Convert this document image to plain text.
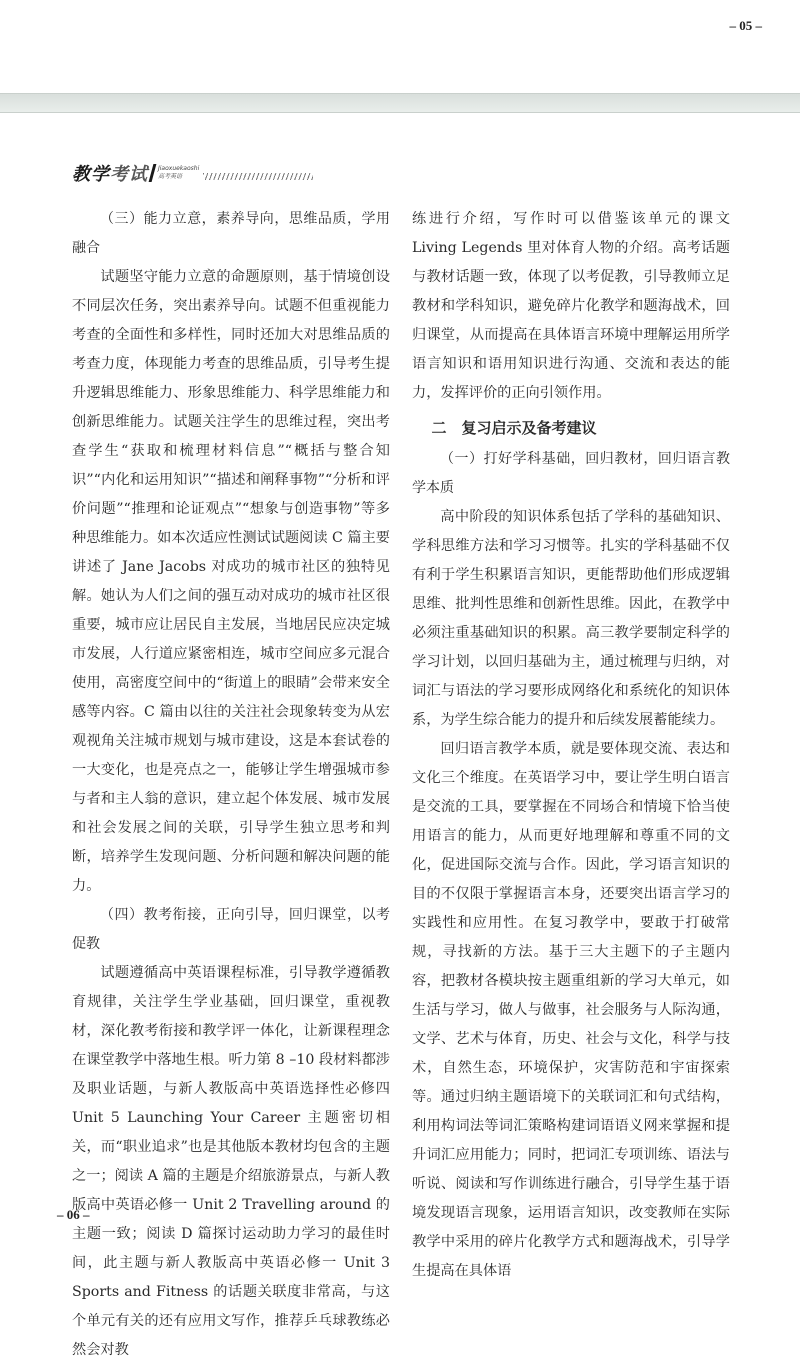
– 05 –
教学考试 Jiaoxuekaoshi
高考英语

（三）能力立意，素养导向，思维品质，学用融合

试题坚守能力立意的命题原则，基于情境创设不同层次任务，突出素养导向。试题不但重视能力考查的全面性和多样性，同时还加大对思维品质的考查力度，体现能力考查的思维品质，引导考生提升逻辑思维能力、形象思维能力、科学思维能力和创新思维能力。试题关注学生的思维过程，突出考查学生“获取和梳理材料信息”“概括与整合知识”“内化和运用知识”“描述和阐释事物”“分析和评价问题”“推理和论证观点”“想象与创造事物”等多种思维能力。如本次适应性测试试题阅读 C 篇主要讲述了 Jane Jacobs 对成功的城市社区的独特见解。她认为人们之间的强互动对成功的城市社区很重要，城市应让居民自主发展，当地居民应决定城市发展，人行道应紧密相连，城市空间应多元混合使用，高密度空间中的“街道上的眼睛”会带来安全感等内容。C 篇由以往的关注社会现象转变为从宏观视角关注城市规划与城市建设，这是本套试卷的一大变化，也是亮点之一，能够让学生增强城市参与者和主人翁的意识，建立起个体发展、城市发展和社会发展之间的关联，引导学生独立思考和判断，培养学生发现问题、分析问题和解决问题的能力。

（四）教考衔接，正向引导，回归课堂，以考促教

试题遵循高中英语课程标准，引导教学遵循教育规律，关注学生学业基础，回归课堂，重视教材，深化教考衔接和教学评一体化，让新课程理念在课堂教学中落地生根。听力第 8 –10 段材料都涉及职业话题，与新人教版高中英语选择性必修四 Unit 5 Launching Your Career 主题密切相关，而“职业追求”也是其他版本教材均包含的主题之一；阅读 A 篇的主题是介绍旅游景点，与新人教版高中英语必修一 Unit 2 Travelling around 的主题一致；阅读 D 篇探讨运动助力学习的最佳时间，此主题与新人教版高中英语必修一 Unit 3 Sports and Fitness 的话题关联度非常高，与这个单元有关的还有应用文写作，推荐乒乓球教练必然会对教

练进行介绍，写作时可以借鉴该单元的课文 Living Legends 里对体育人物的介绍。高考话题与教材话题一致，体现了以考促教，引导教师立足教材和学科知识，避免碎片化教学和题海战术，回归课堂，从而提高在具体语言环境中理解运用所学语言知识和语用知识进行沟通、交流和表达的能力，发挥评价的正向引领作用。

二　复习启示及备考建议

（一）打好学科基础，回归教材，回归语言教学本质

高中阶段的知识体系包括了学科的基础知识、学科思维方法和学习习惯等。扎实的学科基础不仅有利于学生积累语言知识，更能帮助他们形成逻辑思维、批判性思维和创新性思维。因此，在教学中必须注重基础知识的积累。高三教学要制定科学的学习计划，以回归基础为主，通过梳理与归纳，对词汇与语法的学习要形成网络化和系统化的知识体系，为学生综合能力的提升和后续发展蓄能续力。

回归语言教学本质，就是要体现交流、表达和文化三个维度。在英语学习中，要让学生明白语言是交流的工具，要掌握在不同场合和情境下恰当使用语言的能力，从而更好地理解和尊重不同的文化，促进国际交流与合作。因此，学习语言知识的目的不仅限于掌握语言本身，还要突出语言学习的实践性和应用性。在复习教学中，要敢于打破常规，寻找新的方法。基于三大主题下的子主题内容，把教材各模块按主题重组新的学习大单元，如生活与学习，做人与做事，社会服务与人际沟通，文学、艺术与体育，历史、社会与文化，科学与技术，自然生态，环境保护，灾害防范和宇宙探索等。通过归纳主题语境下的关联词汇和句式结构，利用构词法等词汇策略构建词语语义网来掌握和提升词汇应用能力；同时，把词汇专项训练、语法与听说、阅读和写作训练进行融合，引导学生基于语境发现语言现象，运用语言知识，改变教师在实际教学中采用的碎片化教学方式和题海战术，引导学生提高在具体语

– 06 –
